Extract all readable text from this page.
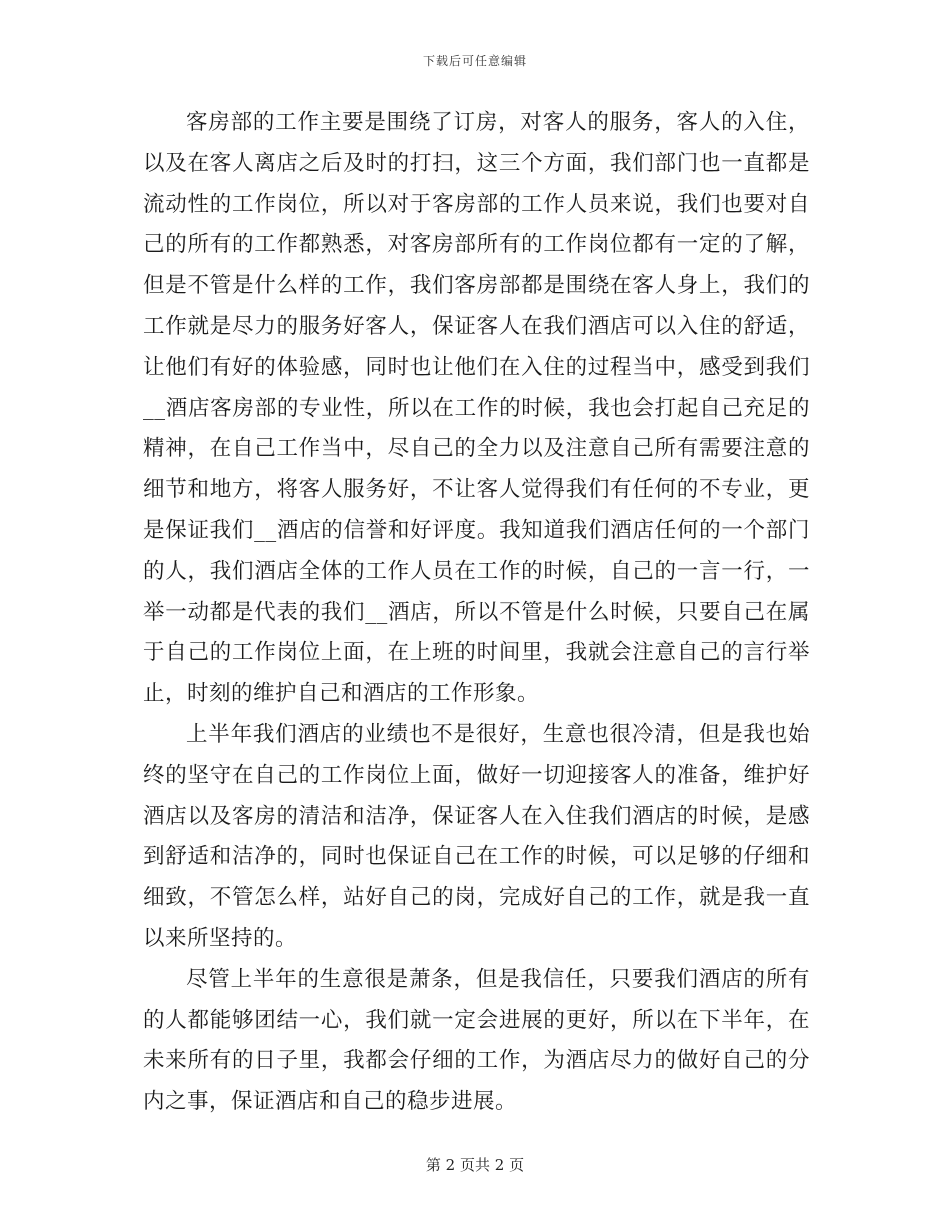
下载后可任意编辑

客房部的工作主要是围绕了订房，对客人的服务，客人的入住，以及在客人离店之后及时的打扫，这三个方面，我们部门也一直都是流动性的工作岗位，所以对于客房部的工作人员来说，我们也要对自己的所有的工作都熟悉，对客房部所有的工作岗位都有一定的了解，但是不管是什么样的工作，我们客房部都是围绕在客人身上，我们的工作就是尽力的服务好客人，保证客人在我们酒店可以入住的舒适，让他们有好的体验感，同时也让他们在入住的过程当中，感受到我们__酒店客房部的专业性，所以在工作的时候，我也会打起自己充足的精神，在自己工作当中，尽自己的全力以及注意自己所有需要注意的细节和地方，将客人服务好，不让客人觉得我们有任何的不专业，更是保证我们__酒店的信誉和好评度。我知道我们酒店任何的一个部门的人，我们酒店全体的工作人员在工作的时候，自己的一言一行，一举一动都是代表的我们__酒店，所以不管是什么时候，只要自己在属于自己的工作岗位上面，在上班的时间里，我就会注意自己的言行举止，时刻的维护自己和酒店的工作形象。

上半年我们酒店的业绩也不是很好，生意也很冷清，但是我也始终的坚守在自己的工作岗位上面，做好一切迎接客人的准备，维护好酒店以及客房的清洁和洁净，保证客人在入住我们酒店的时候，是感到舒适和洁净的，同时也保证自己在工作的时候，可以足够的仔细和细致，不管怎么样，站好自己的岗，完成好自己的工作，就是我一直以来所坚持的。

尽管上半年的生意很是萧条，但是我信任，只要我们酒店的所有的人都能够团结一心，我们就一定会进展的更好，所以在下半年，在未来所有的日子里，我都会仔细的工作，为酒店尽力的做好自己的分内之事，保证酒店和自己的稳步进展。

第 2 页共 2 页
